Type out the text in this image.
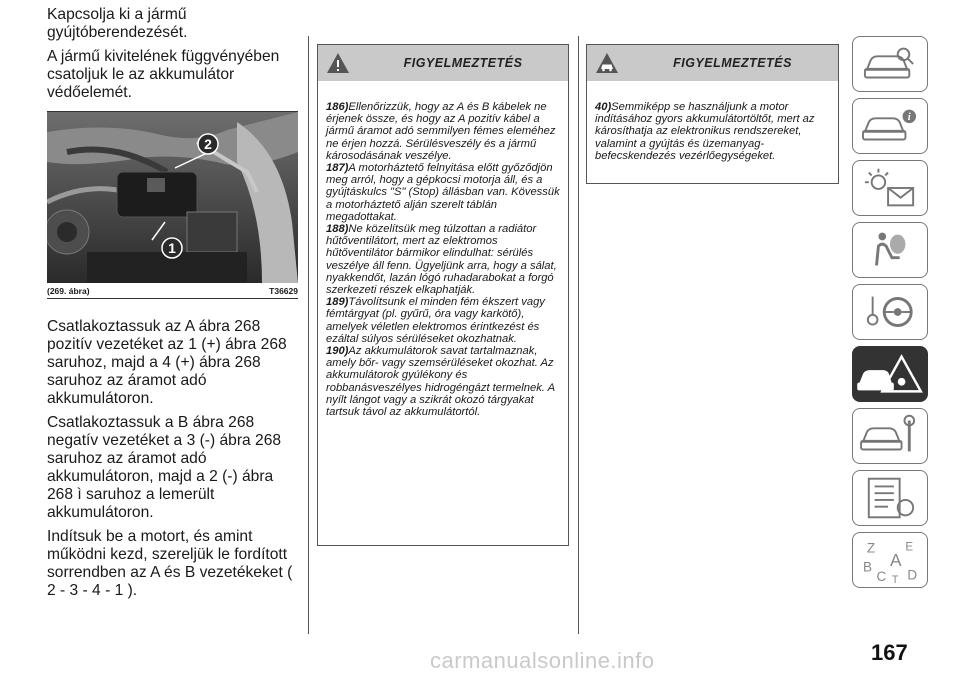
Kapcsolja ki a jármű gyújtóberendezését.

A jármű kivitelének függvényében csatoljuk le az akkumulátor védőelemét.

2
1
(269. ábra)	T36629

Csatlakoztassuk az A ábra 268 pozitív vezetéket az 1 (+) ábra 268 saruhoz, majd a 4 (+) ábra 268 saruhoz az áramot adó akkumulátoron.

Csatlakoztassuk a B ábra 268 negatív vezetéket a 3 (-) ábra 268 saruhoz az áramot adó akkumulátoron, majd a 2 (-) ábra 268 ì saruhoz a lemerült akkumulátoron.

Indítsuk be a motort, és amint működni kezd, szereljük le fordított sorrendben az A és B vezetékeket ( 2 - 3 - 4 - 1 ).

FIGYELMEZTETÉS

186)Ellenőrizzük, hogy az A és B kábelek ne érjenek össze, és hogy az A pozitív kábel a jármű áramot adó semmilyen fémes eleméhez ne érjen hozzá. Sérülésveszély és a jármű károsodásának veszélye.

187)A motorháztető felnyitása előtt győződjön meg arról, hogy a gépkocsi motorja áll, és a gyújtáskulcs "S" (Stop) állásban van. Kövessük a motorháztető alján szerelt táblán megadottakat.

188)Ne közelítsük meg túlzottan a radiátor hűtőventilátort, mert az elektromos hűtőventilátor bármikor elindulhat: sérülés veszélye áll fenn. Ügyeljünk arra, hogy a sálat, nyakkendőt, lazán lógó ruhadarabokat a forgó szerkezeti részek elkaphatják.

189)Távolítsunk el minden fém ékszert vagy fémtárgyat (pl. gyűrű, óra vagy karkötő), amelyek véletlen elektromos érintkezést és ezáltal súlyos sérüléseket okozhatnak.

190)Az akkumulátorok savat tartalmaznak, amely bőr- vagy szemsérüléseket okozhat. Az akkumulátorok gyúlékony és robbanásveszélyes hidrogéngázt termelnek. A nyílt lángot vagy a szikrát okozó tárgyakat tartsuk távol az akkumulátortól.

FIGYELMEZTETÉS

40)Semmiképp se használjunk a motor indításához gyors akkumulátortöltőt, mert az károsíthatja az elektronikus rendszereket, valamint a gyújtás és üzemanyag-befecskendezés vezérlőegységeket.

i
Z	E
A
B
C T D
167
carmanualsonline.info
